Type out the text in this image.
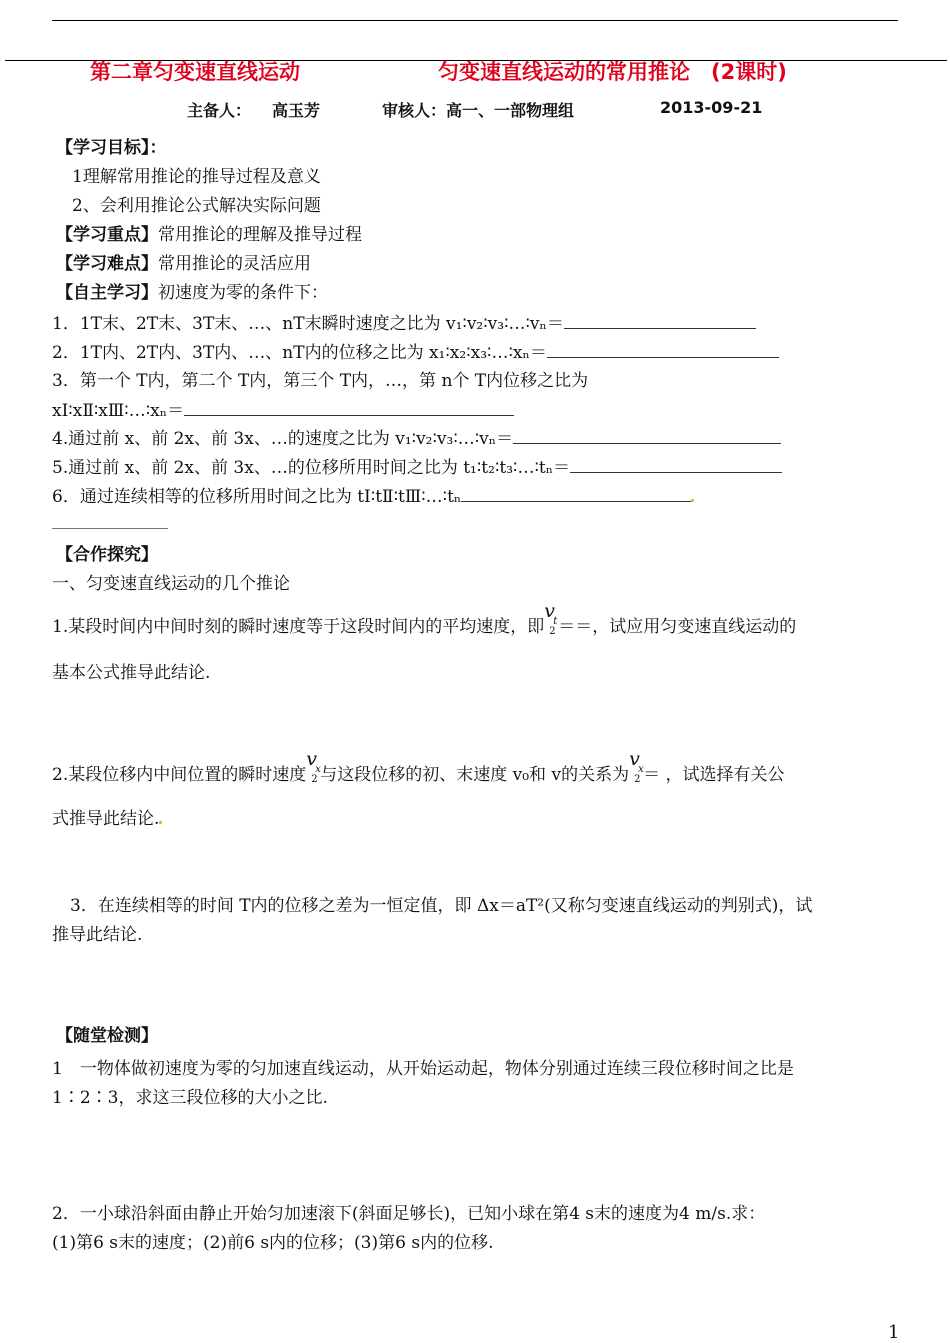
第二章匀变速直线运动	匀变速直线运动的常用推论　(2课时)
主备人： 高玉芳	审核人：高一、一部物理组	2013-09-21
【学习目标】：
1理解常用推论的推导过程及意义
2、会利用推论公式解决实际问题
【学习重点】常用推论的理解及推导过程
【学习难点】常用推论的灵活应用
【自主学习】初速度为零的条件下：
1．1T末、2T末、3T末、…、nT末瞬时速度之比为 v₁∶v₂∶v₃∶…∶vₙ＝
2．1T内、2T内、3T内、…、nT内的位移之比为 x₁∶x₂∶x₃∶…∶xₙ＝
3．第一个 T内，第二个 T内，第三个 T内，…，第 n个 T内位移之比为
xⅠ∶xⅡ∶xⅢ∶…∶xₙ＝
4.通过前 x、前 2x、前 3x、…的速度之比为 v₁∶v₂∶v₃∶…∶vₙ＝
5.通过前 x、前 2x、前 3x、…的位移所用时间之比为 t₁∶t₂∶t₃∶…∶tₙ＝
6．通过连续相等的位移所用时间之比为 tⅠ∶tⅡ∶tⅢ∶…∶tₙ
【合作探究】
一、匀变速直线运动的几个推论
1.某段时间内中间时刻的瞬时速度等于这段时间内的平均速度，即
v
t
2 ＝＝，试应用匀变速直线运动的
基本公式推导此结论.
2.某段位移内中间位置的瞬时速度
v
x
2 与这段位移的初、末速度 v₀和 v的关系为
v
x
2 ＝ ，试选择有关公
式推导此结论.
3．在连续相等的时间 T内的位移之差为一恒定值，即 Δx＝aT²(又称匀变速直线运动的判别式)，试
推导此结论.
【随堂检测】
1　一物体做初速度为零的匀加速直线运动，从开始运动起，物体分别通过连续三段位移时间之比是
1∶2∶3，求这三段位移的大小之比.
2．一小球沿斜面由静止开始匀加速滚下(斜面足够长)，已知小球在第4 s末的速度为4 m/s.求：
(1)第6 s末的速度；(2)前6 s内的位移；(3)第6 s内的位移.
1
